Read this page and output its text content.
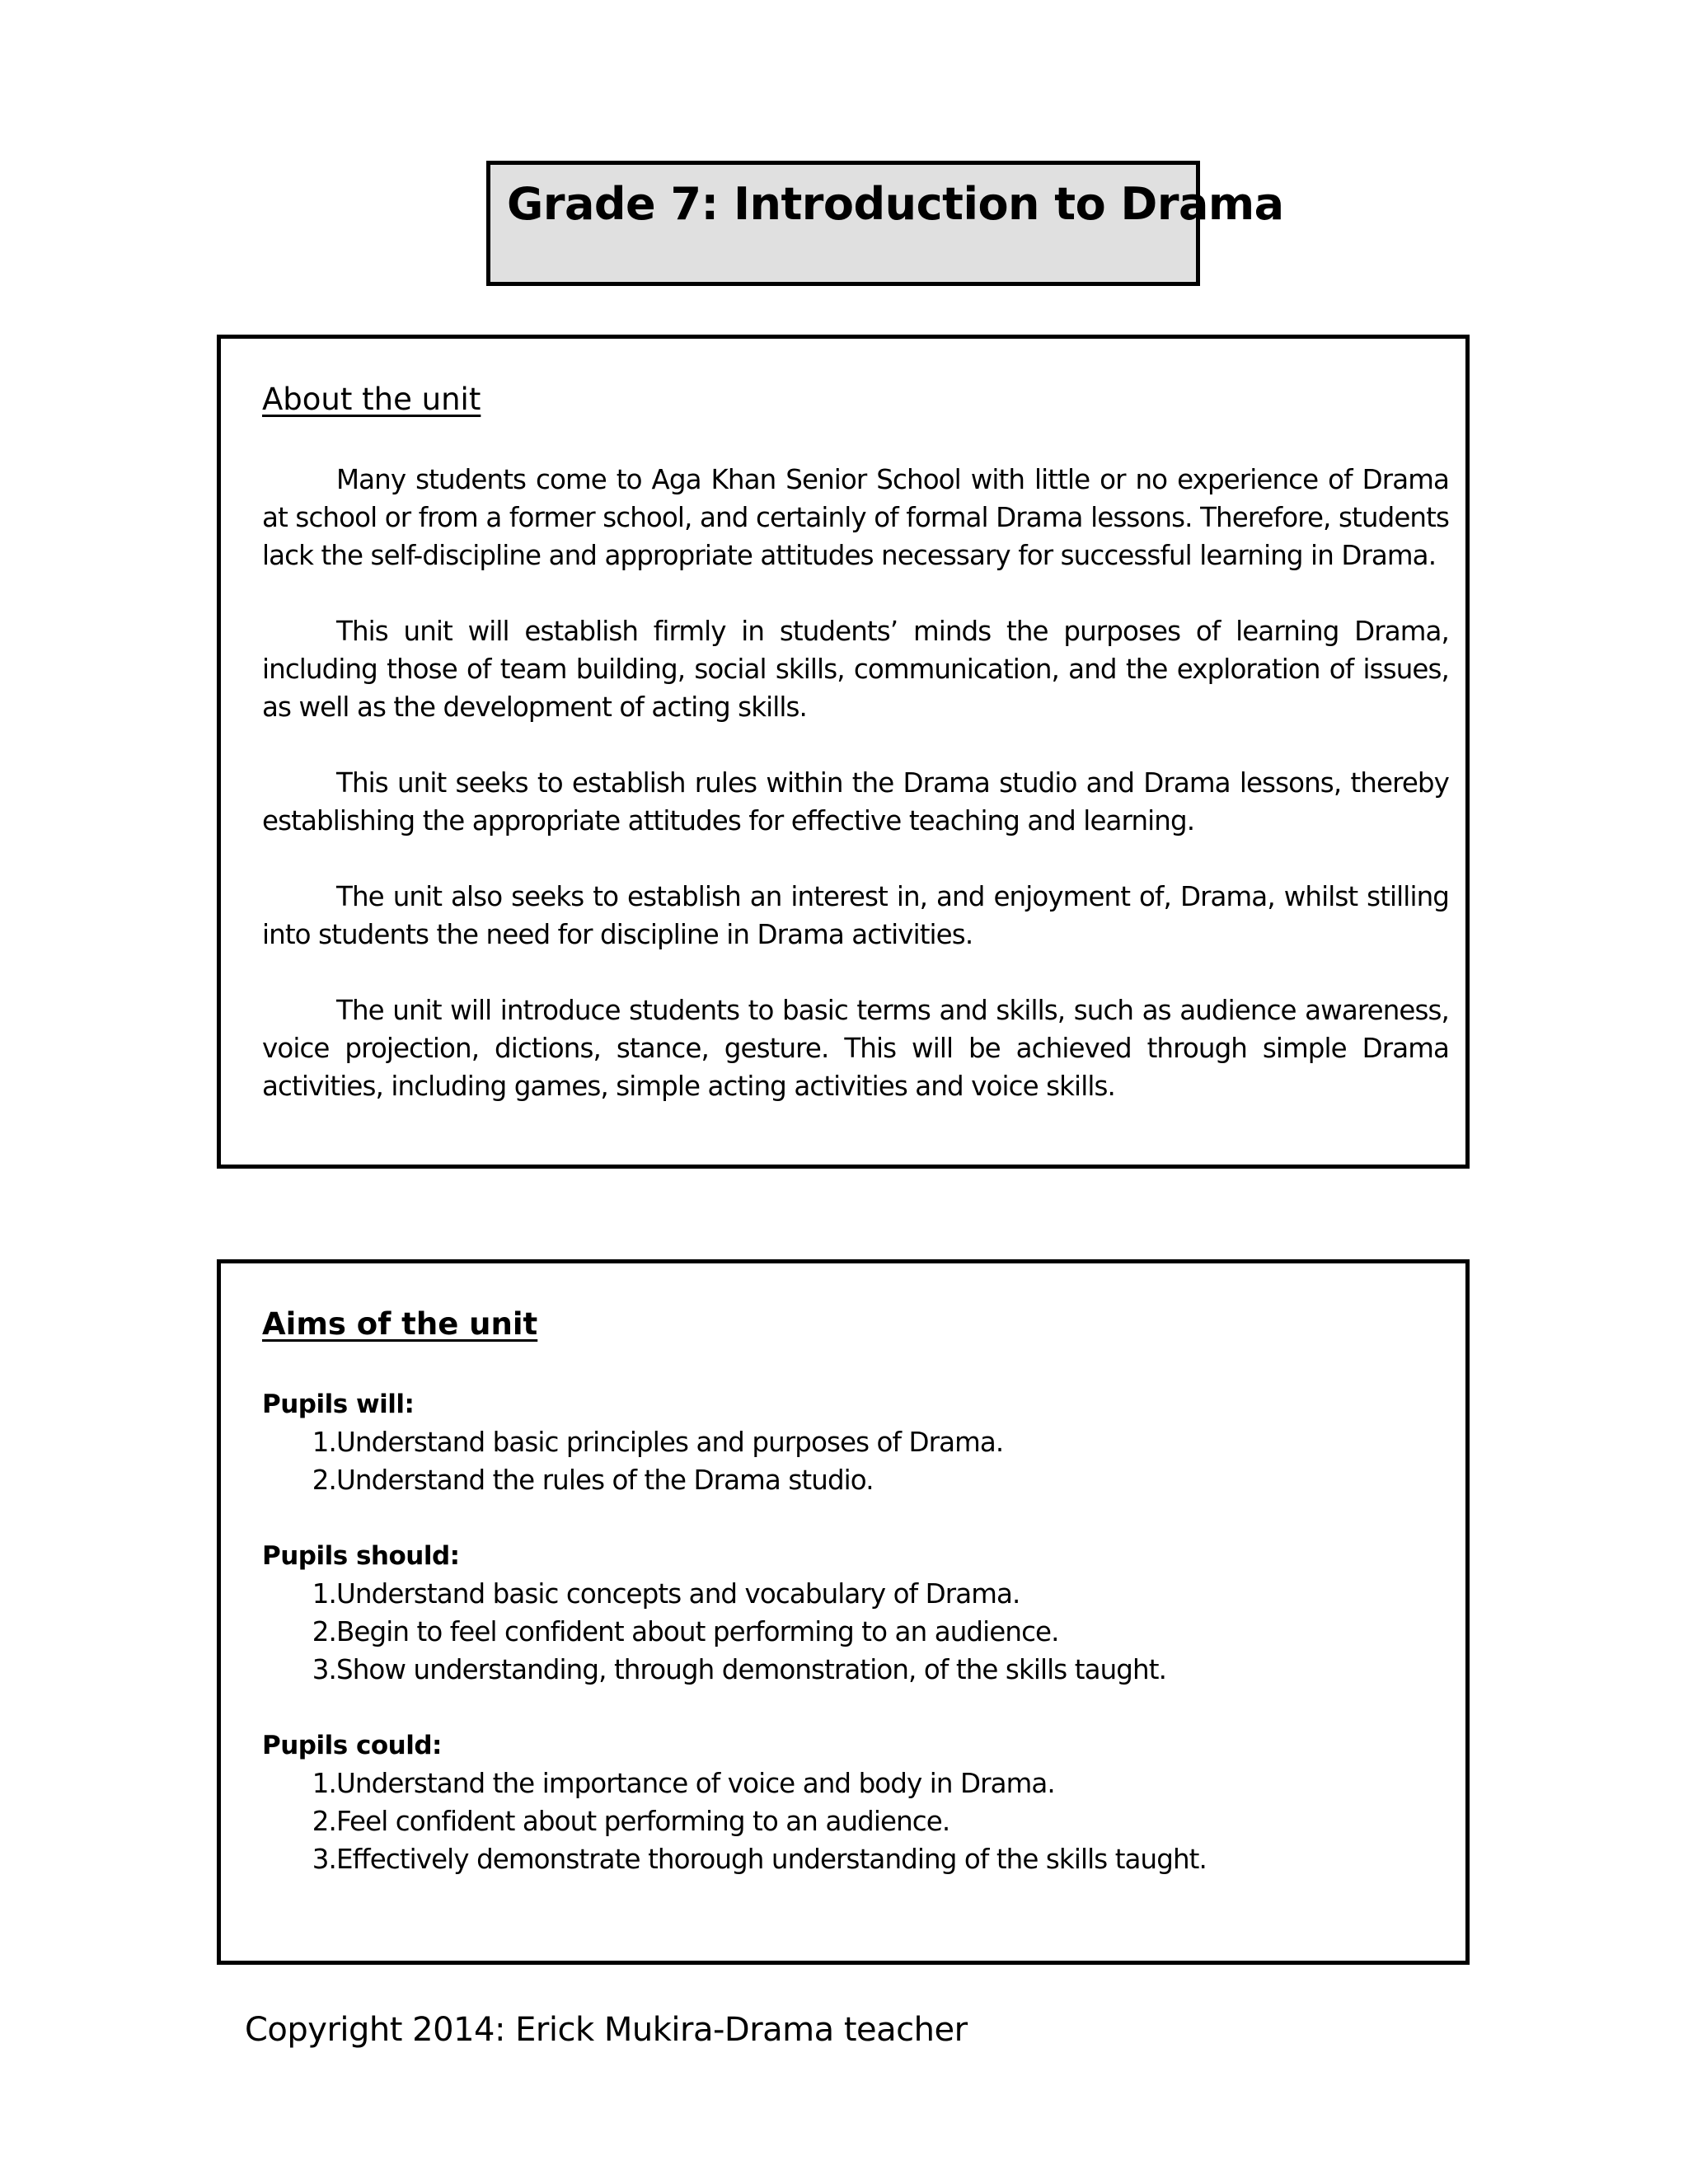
Grade 7: Introduction to Drama
About the unit

Many students come to Aga Khan Senior School with little or no experience of Drama at school or from a former school, and certainly of formal Drama lessons. Therefore, students lack the self-discipline and appropriate attitudes necessary for successful learning in Drama.

This unit will establish firmly in students’ minds the purposes of learning Drama, including those of team building, social skills, communication, and the exploration of issues, as well as the development of acting skills.

This unit seeks to establish rules within the Drama studio and Drama lessons, thereby establishing the appropriate attitudes for effective teaching and learning.

The unit also seeks to establish an interest in, and enjoyment of, Drama, whilst stilling into students the need for discipline in Drama activities.

The unit will introduce students to basic terms and skills, such as audience awareness, voice projection, dictions, stance, gesture. This will be achieved through simple Drama activities, including games, simple acting activities and voice skills.

Aims of the unit
Pupils will:
1. Understand basic principles and purposes of Drama.
2. Understand the rules of the Drama studio.
Pupils should:
1. Understand basic concepts and vocabulary of Drama.
2. Begin to feel confident about performing to an audience.
3. Show understanding, through demonstration, of the skills taught.
Pupils could:
1. Understand the importance of voice and body in Drama.
2. Feel confident about performing to an audience.
3. Effectively demonstrate thorough understanding of the skills taught.
Copyright 2014: Erick Mukira-Drama teacher
